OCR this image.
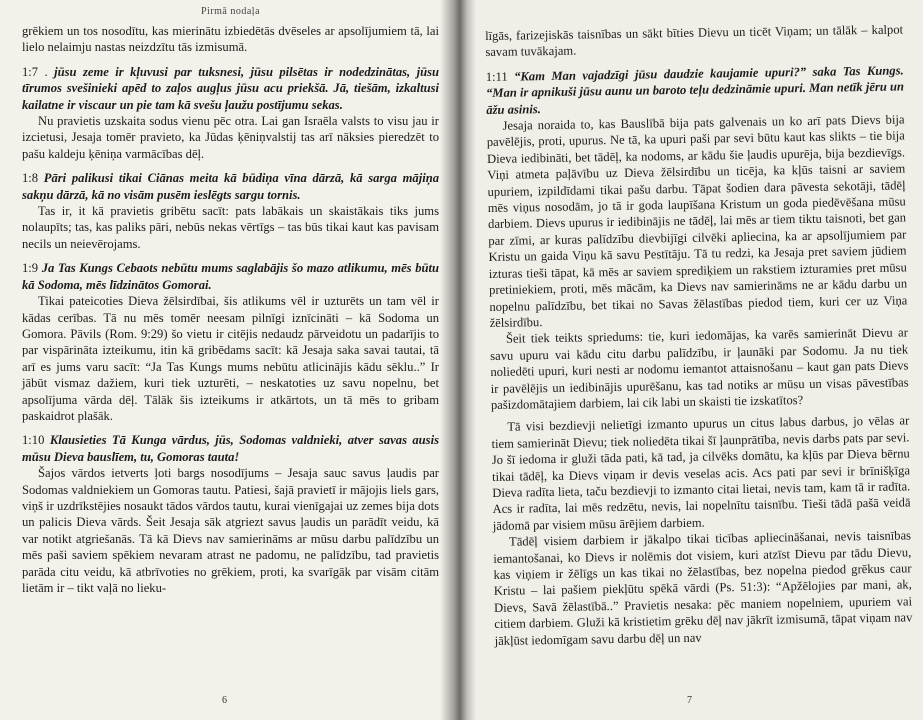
Pirmā nodaļa

grēkiem un tos nosodītu, kas mierinātu izbiedētās dvēseles ar apsolījumiem tā, lai lielo nelaimju nastas neizdzītu tās izmisumā.

1:7 . jūsu zeme ir kļuvusi par tuksnesi, jūsu pilsētas ir nodedzinātas, jūsu tīrumos svešinieki apēd to zaļos augļus jūsu acu priekšā. Jā, tiešām, izkaltusi kailatne ir viscaur un pie tam kā svešu ļaužu postījumu sekas.

Nu pravietis uzskaita sodus vienu pēc otra. Lai gan Israēla valsts to visu jau ir izcietusi, Jesaja tomēr pravieto, ka Jūdas ķēniņvalstij tas arī nāksies pieredzēt to pašu kaldeju ķēniņa varmācības dēļ.

1:8 Pāri palikusi tikai Ciānas meita kā būdiņa vīna dārzā, kā sarga mājiņa sakņu dārzā, kā no visām pusēm ieslēgts sargu tornis.

Tas ir, it kā pravietis gribētu sacīt: pats labākais un skaistākais tiks jums nolaupīts; tas, kas paliks pāri, nebūs nekas vērtīgs – tas būs tikai kaut kas pavisam necils un neievērojams.

1:9 Ja Tas Kungs Cebaots nebūtu mums saglabājis šo mazo atlikumu, mēs būtu kā Sodoma, mēs līdzinātos Gomorai.

Tikai pateicoties Dieva žēlsirdībai, šis atlikums vēl ir uzturēts un tam vēl ir kādas cerības. Tā nu mēs tomēr neesam pilnīgi iznīcināti – kā Sodoma un Gomora. Pāvils (Rom. 9:29) šo vietu ir citējis nedaudz pārveidotu un padarījis to par vispārināta izteikumu, itin kā gribēdams sacīt: kā Jesaja saka savai tautai, tā arī es jums varu sacīt: “Ja Tas Kungs mums nebūtu atlicinājis kādu sēklu..” Ir jābūt vismaz dažiem, kuri tiek uzturēti, – neskatoties uz savu nopelnu, bet apsolījuma vārda dēļ. Tālāk šis izteikums ir atkārtots, un tā mēs to gribam paskaidrot plašāk.

1:10 Klausieties Tā Kunga vārdus, jūs, Sodomas valdnieki, atver savas ausis mūsu Dieva bauslīem, tu, Gomoras tauta!

Šajos vārdos ietverts ļoti bargs nosodījums – Jesaja sauc savus ļaudis par Sodomas valdniekiem un Gomoras tautu. Patiesi, šajā pravietī ir mājojis liels gars, viņš ir uzdrīkstējies nosaukt tādos vārdos tautu, kurai vienīgajai uz zemes bija dots un palicis Dieva vārds. Šeit Jesaja sāk atgriezt savus ļaudis un parādīt veidu, kā var notikt atgriešanās. Tā kā Dievs nav samierināms ar mūsu darbu palīdzību un mēs paši saviem spēkiem nevaram atrast ne padomu, ne palīdzību, tad pravietis parāda citu veidu, kā atbrīvoties no grēkiem, proti, ka svarīgāk par visām citām lietām ir – tikt vaļā no lieku-

6

līgās, farizejiskās taisnības un sākt bīties Dievu un ticēt Viņam; un tālāk – kalpot savam tuvākajam.

1:11 “Kam Man vajadzīgi jūsu daudzie kaujamie upuri?” saka Tas Kungs. “Man ir apnikuši jūsu aunu un baroto teļu dedzināmie upuri. Man netīk jēru un āžu asinis.

Jesaja noraida to, kas Bauslībā bija pats galvenais un ko arī pats Dievs bija pavēlējis, proti, upurus. Ne tā, ka upuri paši par sevi būtu kaut kas slikts – tie bija Dieva iedibināti, bet tādēļ, ka nodoms, ar kādu šie ļaudis upurēja, bija bezdievīgs. Viņi atmeta paļāvību uz Dieva žēlsirdību un ticēja, ka kļūs taisni ar saviem upuriem, izpildīdami tikai pašu darbu. Tāpat šodien dara pāvesta sekotāji, tādēļ mēs viņus nosodām, jo tā ir goda laupīšana Kristum un goda piedēvēšana mūsu darbiem. Dievs upurus ir iedibinājis ne tādēļ, lai mēs ar tiem tiktu taisnoti, bet gan par zīmi, ar kuras palīdzību dievbijīgi cilvēki apliecina, ka ar apsolījumiem par Kristu un gaida Viņu kā savu Pestītāju. Tā tu redzi, ka Jesaja pret saviem jūdiem izturas tieši tāpat, kā mēs ar saviem sprediķiem un rakstiem izturamies pret mūsu pretiniekiem, proti, mēs mācām, ka Dievs nav samierināms ne ar kādu darbu un nopelnu palīdzību, bet tikai no Savas žēlastības piedod tiem, kuri cer uz Viņa žēlsirdību.

Šeit tiek teikts spriedums: tie, kuri iedomājas, ka varēs samierināt Dievu ar savu upuru vai kādu citu darbu palīdzību, ir ļaunāki par Sodomu. Ja nu tiek noliedēti upuri, kuri nesti ar nodomu iemantot attaisnošanu – kaut gan pats Dievs ir pavēlējis un iedibinājis upurēšanu, kas tad notiks ar mūsu un visas pāvestības pašizdomātajiem darbiem, lai cik labi un skaisti tie izskatītos?

Tā visi bezdievji nelietīgi izmanto upurus un citus labus darbus, jo vēlas ar tiem samierināt Dievu; tiek noliedēta tikai šī ļaunprātība, nevis darbs pats par sevi. Jo šī iedoma ir gluži tāda pati, kā tad, ja cilvēks domātu, ka kļūs par Dieva bērnu tikai tādēļ, ka Dievs viņam ir devis veselas acis. Acs pati par sevi ir brīnišķīga Dieva radīta lieta, taču bezdievji to izmanto citai lietai, nevis tam, kam tā ir radīta. Acs ir radīta, lai mēs redzētu, nevis, lai nopelnītu taisnību. Tieši tādā pašā veidā jādomā par visiem mūsu ārējiem darbiem.

Tādēļ visiem darbiem ir jākalpo tikai ticības apliecināšanai, nevis taisnības iemantošanai, ko Dievs ir nolēmis dot visiem, kuri atzīst Dievu par tādu Dievu, kas viņiem ir žēlīgs un kas tikai no žēlastības, bez nopelna piedod grēkus caur Kristu – lai pašiem piekļūtu spēkā vārdi (Ps. 51:3): “Apžēlojies par mani, ak, Dievs, Savā žēlastībā..” Pravietis nesaka: pēc maniem nopelniem, upuriem vai citiem darbiem. Gluži kā kristietim grēku dēļ nav jākrīt izmisumā, tāpat viņam nav jākļūst iedomīgam savu darbu dēļ un nav

7
